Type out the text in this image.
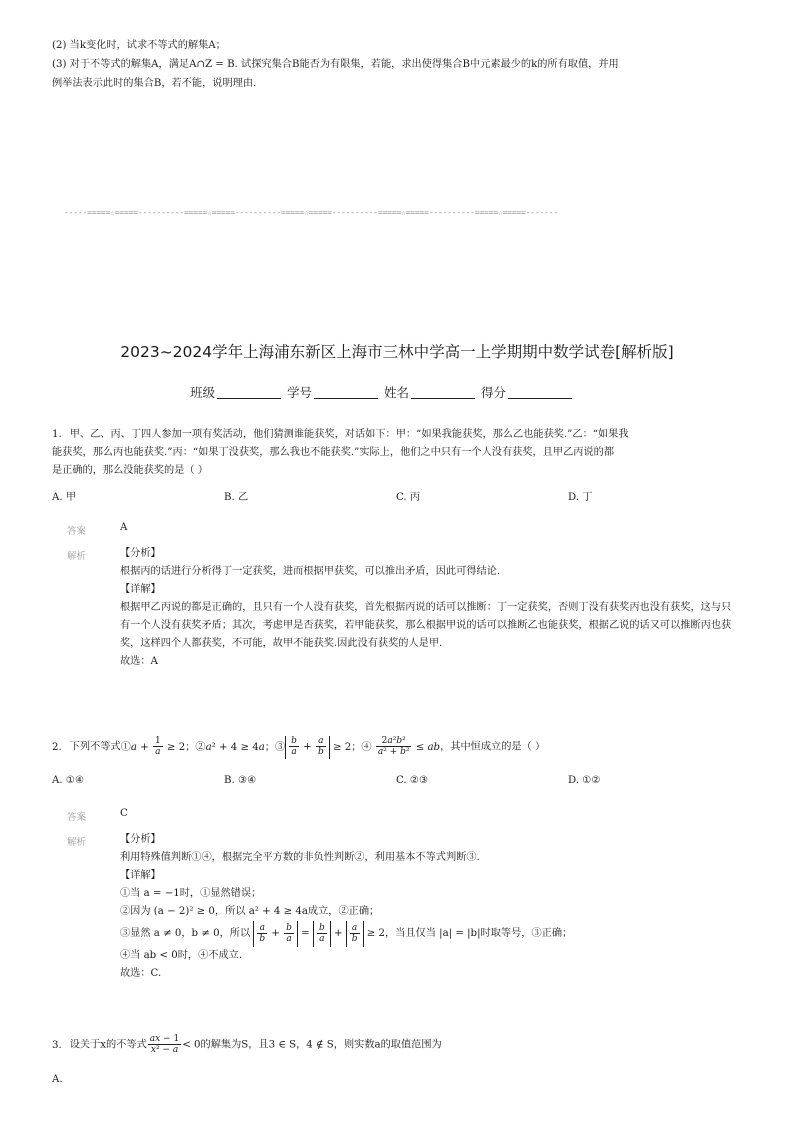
(2) 当k变化时，试求不等式的解集A；
(3) 对于不等式的解集A，满足A∩Z = B. 试探究集合B能否为有限集，若能，求出使得集合B中元素最少的k的所有取值，并用
例举法表示此时的集合B，若不能，说明理由.
-----=====☆=====----------=====☆=====----------=====☆=====----------=====☆=====----------=====☆=====-------
2023~2024学年上海浦东新区上海市三林中学高一上学期期中数学试卷[解析版]
班级	学号	姓名	得分
1. 甲、乙、丙、丁四人参加一项有奖活动，他们猜测谁能获奖，对话如下：甲：“如果我能获奖，那么乙也能获奖.”乙：“如果我
能获奖，那么丙也能获奖.”丙：“如果丁没获奖，那么我也不能获奖.”实际上，他们之中只有一个人没有获奖，且甲乙丙说的都
是正确的，那么没能获奖的是（ ）
A. 甲	B. 乙	C. 丙	D. 丁
答案	A
解析	【分析】
根据丙的话进行分析得丁一定获奖，进而根据甲获奖，可以推出矛盾，因此可得结论.
【详解】
根据甲乙丙说的都是正确的，且只有一个人没有获奖，首先根据丙说的话可以推断：丁一定获奖，否则丁没有获奖丙也没有获奖，这与只有一个人没有获奖矛盾；其次，考虑甲是否获奖，若甲能获奖，那么根据甲说的话可以推断乙也能获奖，根据乙说的话又可以推断丙也获奖，这样四个人都获奖，不可能，故甲不能获奖.因此没有获奖的人是甲.
故选：A
2. 下列不等式①a + $\frac{1}{a} \ge 2$；②a² + 4 ≥ 4a；③ $\frac{b}{a} + \frac{a}{b} \ge 2$；④ $\frac{\text{2a²b²}}{\text{a² + b²}}$ ≤ ab，其中恒成立的是（ ）
A. ①④	B. ③④	C. ②③	D. ①②
答案	C
解析	【分析】
利用特殊值判断①④，根据完全平方数的非负性判断②，利用基本不等式判断③.
【详解】
①当 a = −1时，①显然错误；
②因为 (a − 2)² ≥ 0，所以 a² + 4 ≥ 4a成立，②正确；
③显然 a ≠ 0，b ≠ 0，所以 $\frac{a}{b} + \frac{b}{a} = \frac{b}{a} + \frac{a}{b} \ge 2$，当且仅当 |a| = |b|时取等号，③正确；
④当 ab < 0时，④不成立.
故选：C.
3. 设关于x的不等式 $\frac{ax - 1}{\text{x² − a}} < 0$的解集为S，且3 ∈ S，4 ∉ S，则实数a的取值范围为
A.
